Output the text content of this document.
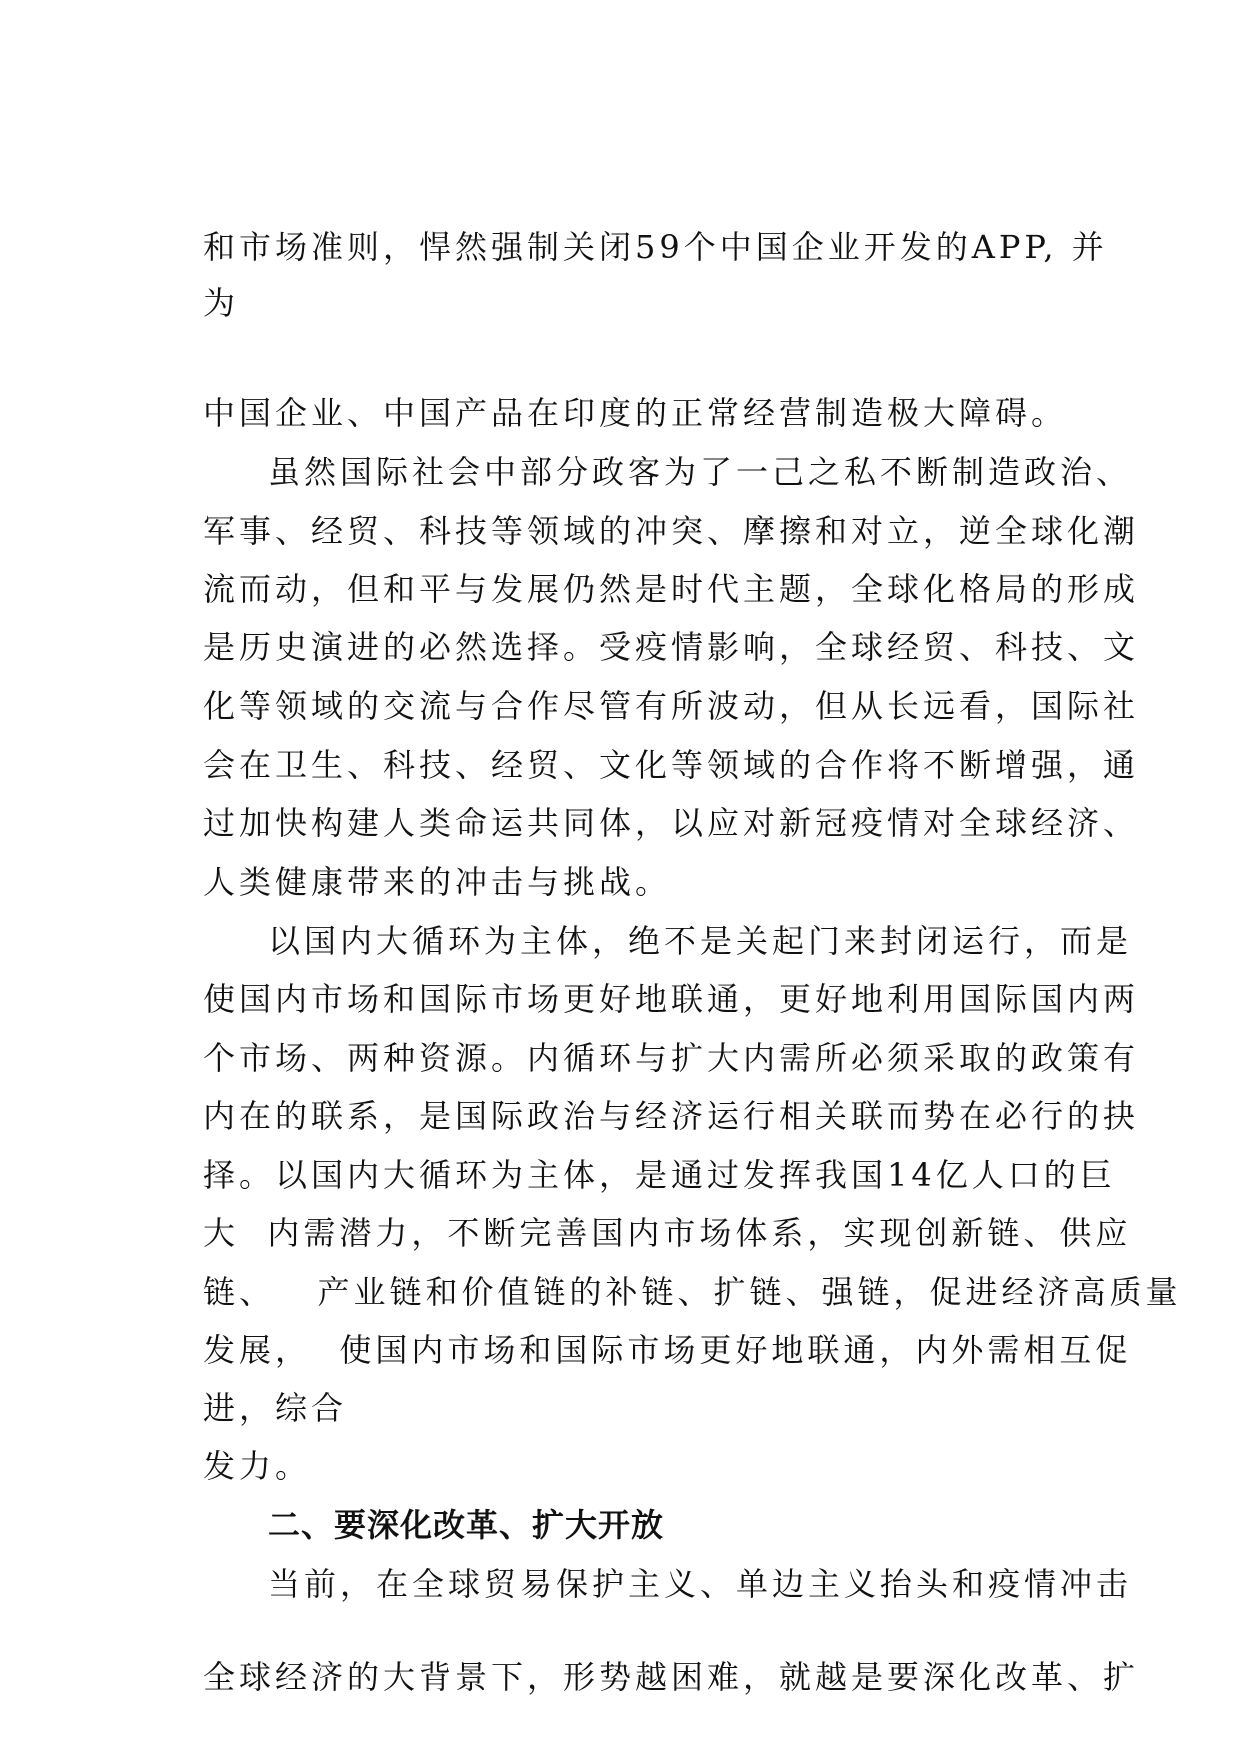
和市场准则，悍然强制关闭59个中国企业开发的APP, 并

为

中国企业、中国产品在印度的正常经营制造极大障碍。

虽然国际社会中部分政客为了一己之私不断制造政治、

军事、经贸、科技等领域的冲突、摩擦和对立，逆全球化潮

流而动，但和平与发展仍然是时代主题，全球化格局的形成

是历史演进的必然选择。受疫情影响，全球经贸、科技、文

化等领域的交流与合作尽管有所波动，但从长远看，国际社

会在卫生、科技、经贸、文化等领域的合作将不断增强，通

过加快构建人类命运共同体，以应对新冠疫情对全球经济、

人类健康带来的冲击与挑战。

以国内大循环为主体，绝不是关起门来封闭运行，而是

使国内市场和国际市场更好地联通，更好地利用国际国内两

个市场、两种资源。内循环与扩大内需所必须采取的政策有

内在的联系，是国际政治与经济运行相关联而势在必行的抉

择。以国内大循环为主体，是通过发挥我国14亿人口的巨

大  内需潜力，不断完善国内市场体系，实现创新链、供应

链、   产业链和价值链的补链、扩链、强链，促进经济高质量

发展，  使国内市场和国际市场更好地联通，内外需相互促

进，综合

发力。

二、要深化改革、扩大开放

当前，在全球贸易保护主义、单边主义抬头和疫情冲击

全球经济的大背景下，形势越困难，就越是要深化改革、扩
